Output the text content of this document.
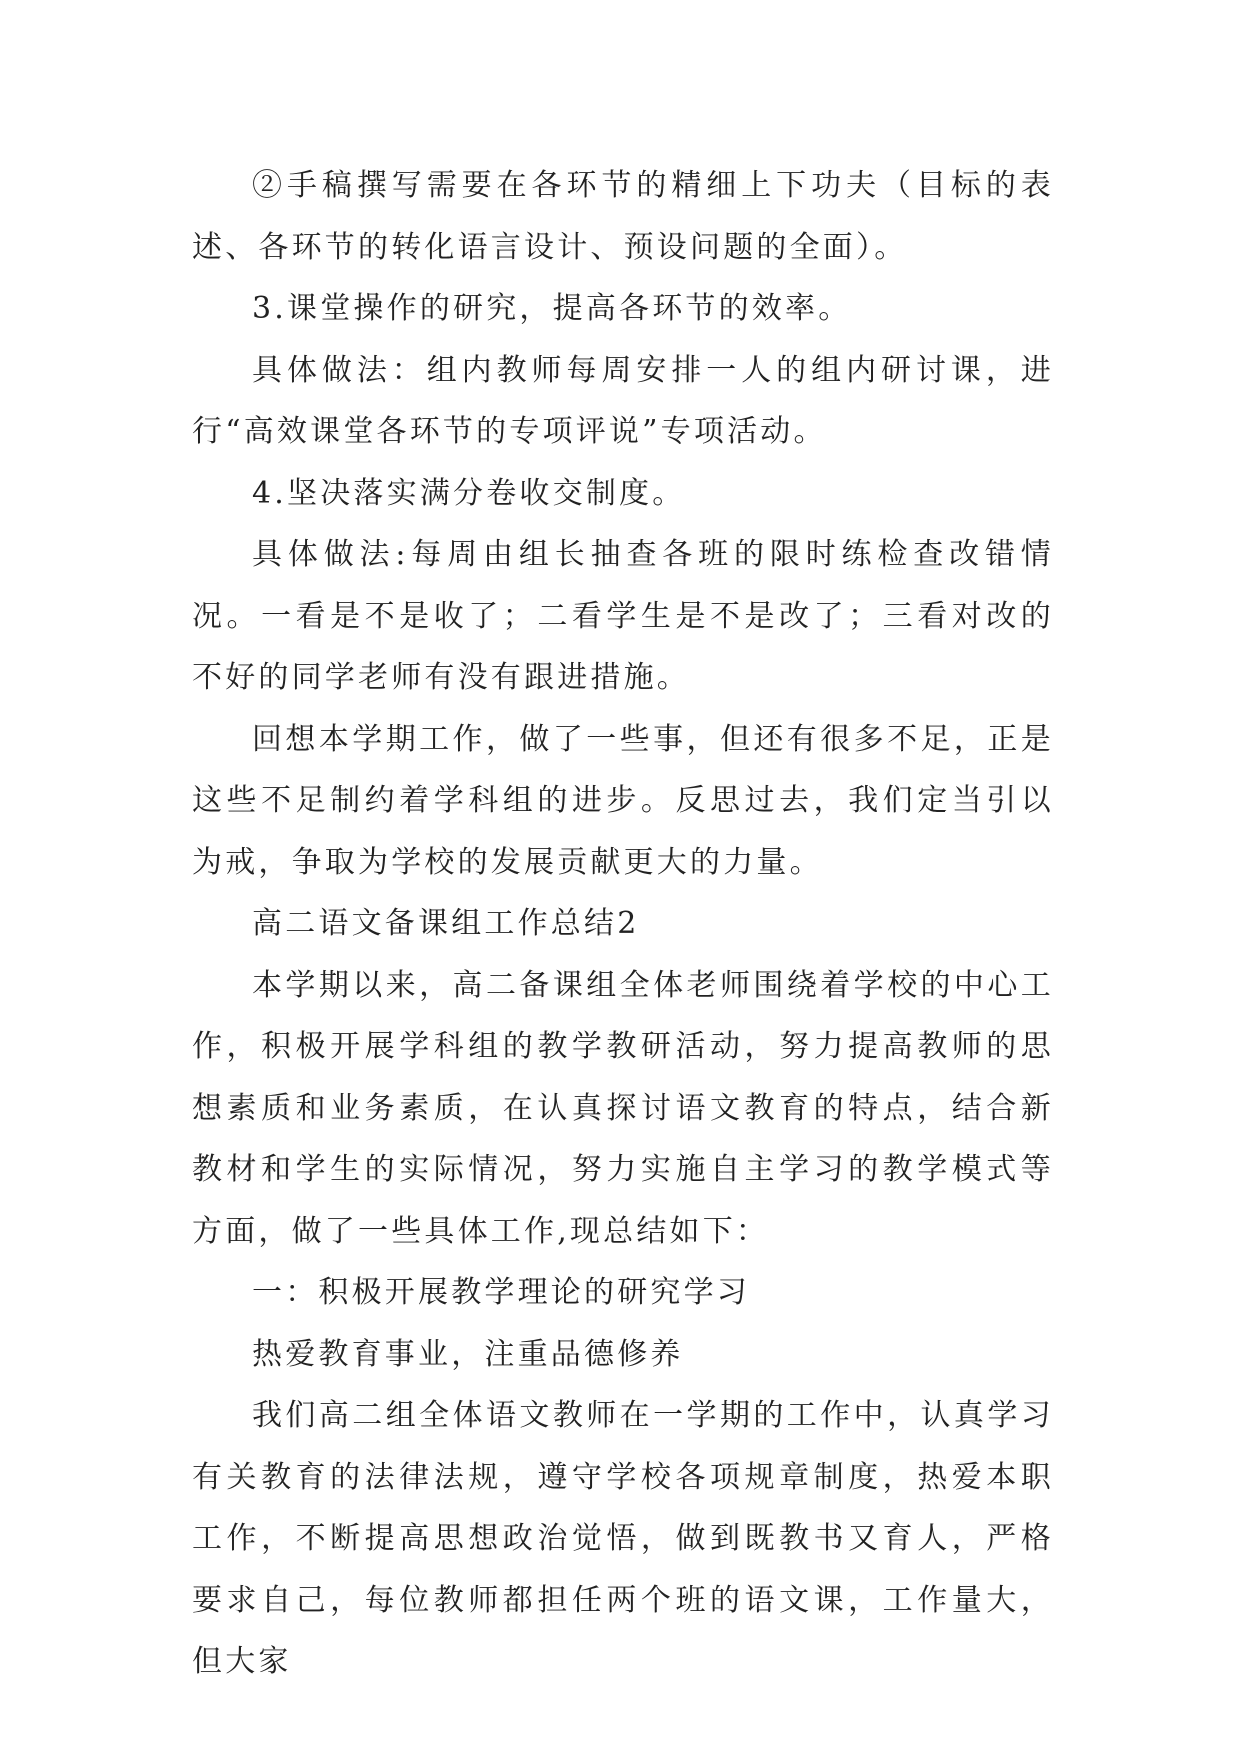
②手稿撰写需要在各环节的精细上下功夫（目标的表述、各环节的转化语言设计、预设问题的全面）。

3.课堂操作的研究，提高各环节的效率。

具体做法：组内教师每周安排一人的组内研讨课，进行“高效课堂各环节的专项评说”专项活动。

4.坚决落实满分卷收交制度。

具体做法:每周由组长抽查各班的限时练检查改错情况。一看是不是收了；二看学生是不是改了；三看对改的不好的同学老师有没有跟进措施。

回想本学期工作，做了一些事，但还有很多不足，正是这些不足制约着学科组的进步。反思过去，我们定当引以为戒，争取为学校的发展贡献更大的力量。

高二语文备课组工作总结2

本学期以来，高二备课组全体老师围绕着学校的中心工作，积极开展学科组的教学教研活动，努力提高教师的思想素质和业务素质，在认真探讨语文教育的特点，结合新教材和学生的实际情况，努力实施自主学习的教学模式等方面，做了一些具体工作,现总结如下：

一：积极开展教学理论的研究学习

热爱教育事业，注重品德修养

我们高二组全体语文教师在一学期的工作中，认真学习有关教育的法律法规，遵守学校各项规章制度，热爱本职工作，不断提高思想政治觉悟，做到既教书又育人，严格要求自己，每位教师都担任两个班的语文课，工作量大，但大家
